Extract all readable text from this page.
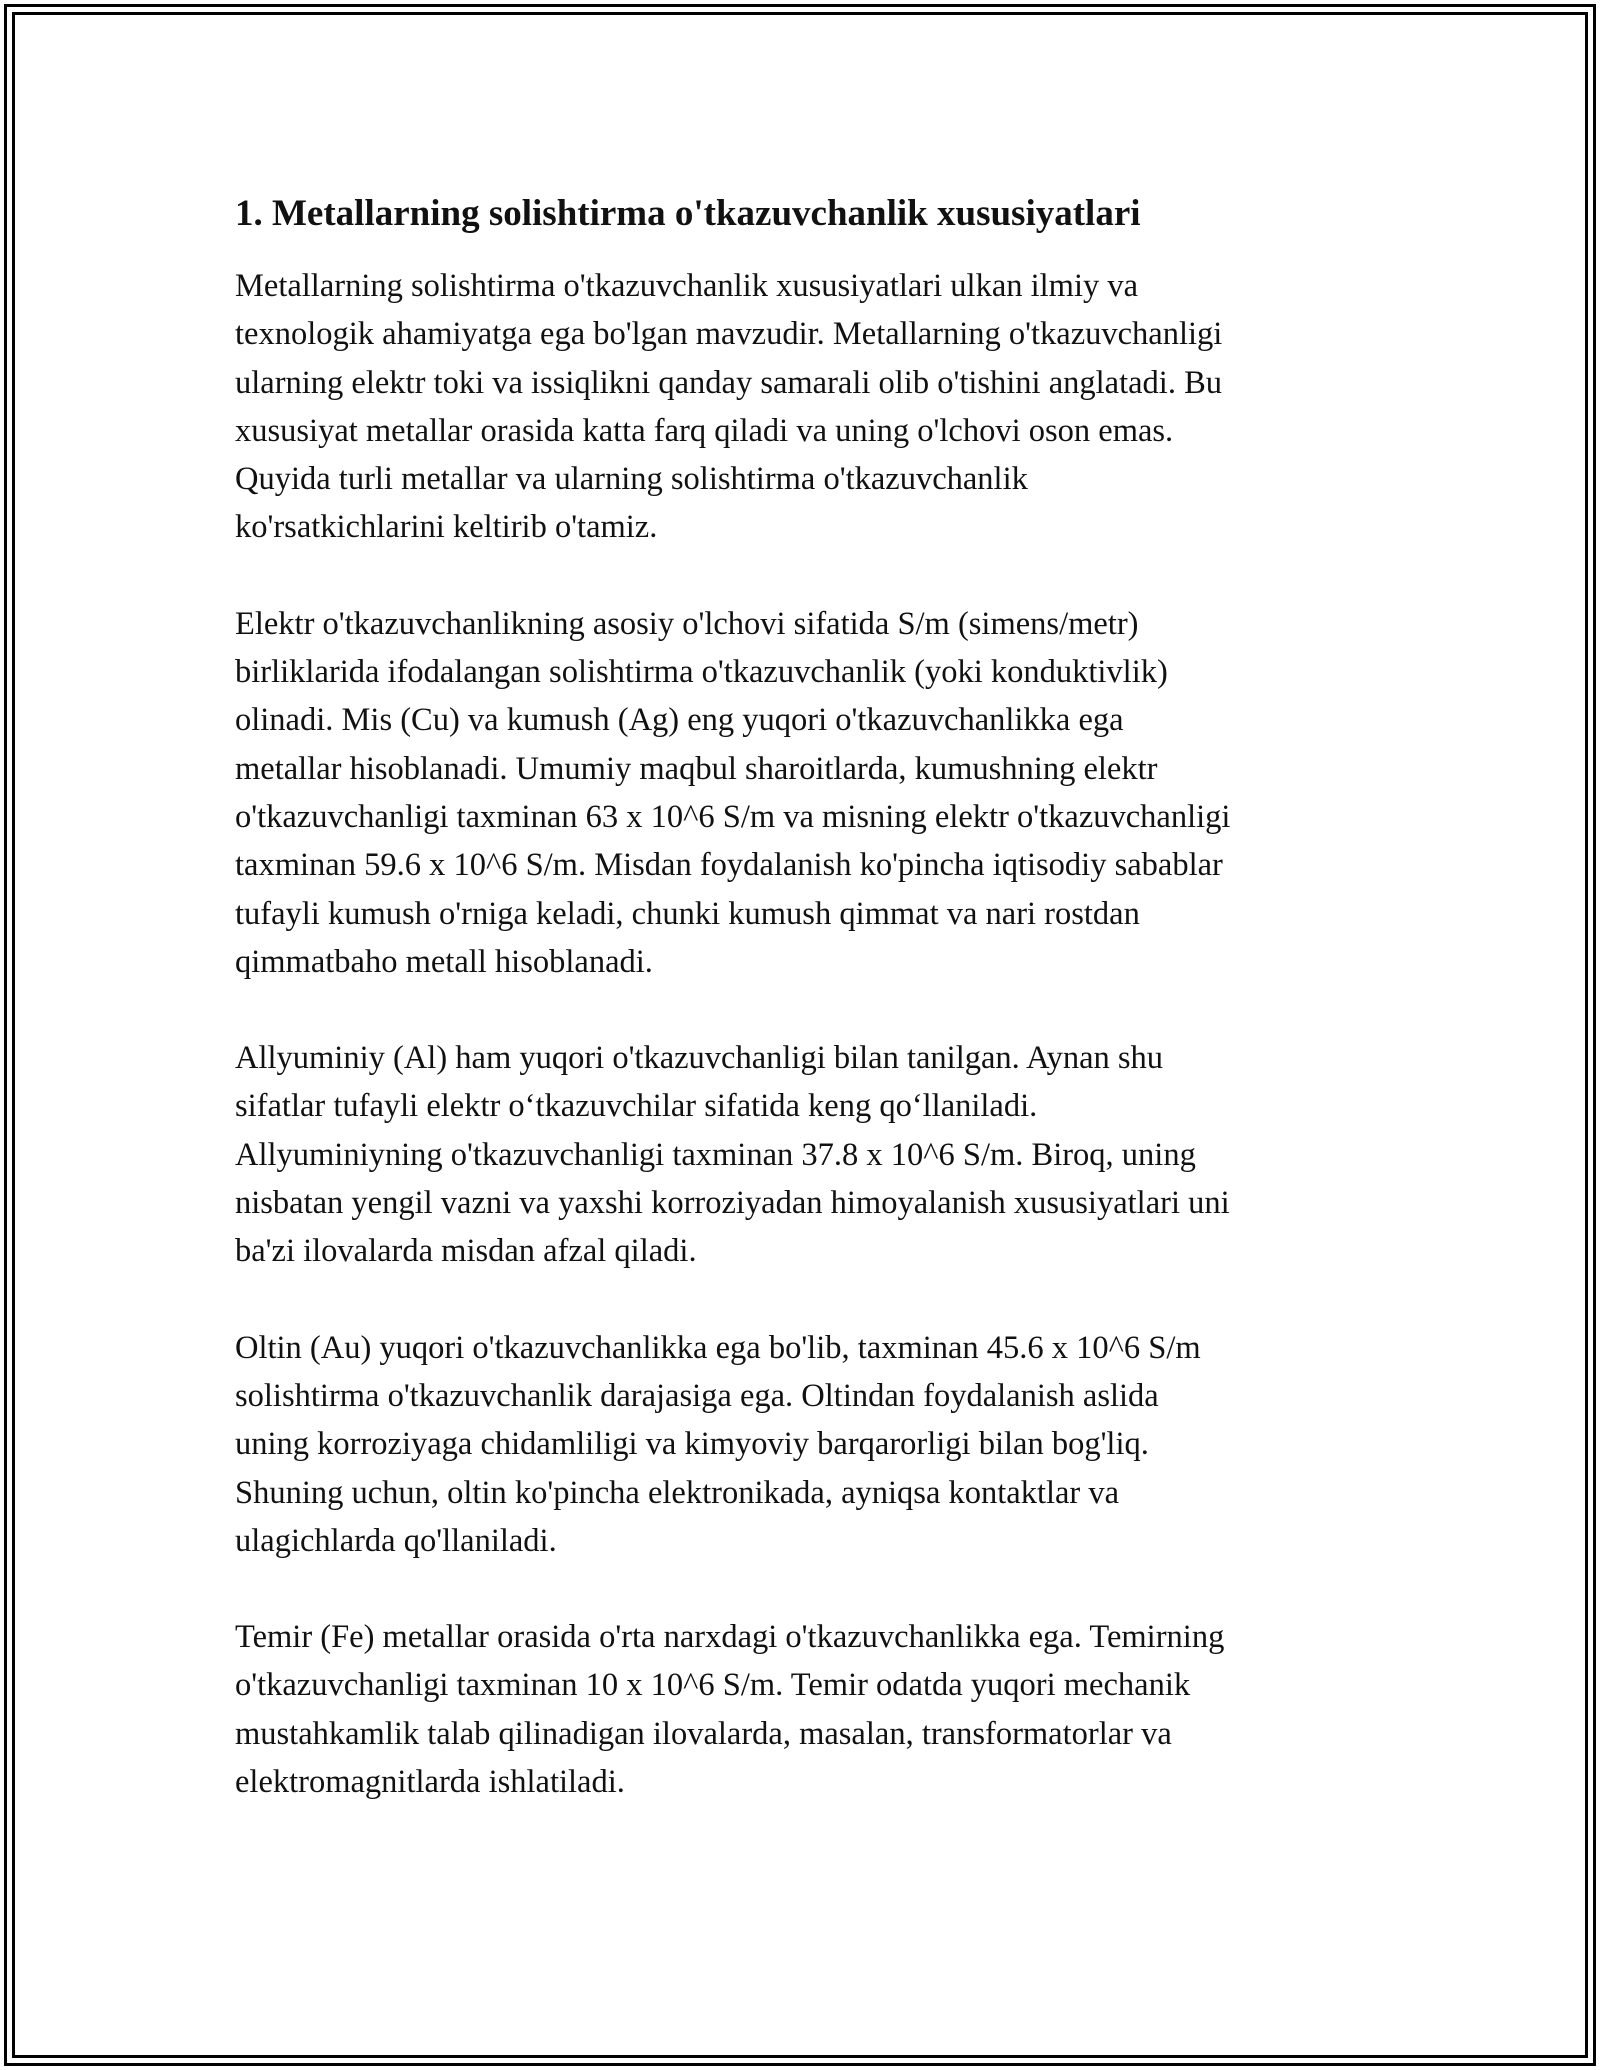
1. Metallarning solishtirma o'tkazuvchanlik xususiyatlari

Metallarning solishtirma o'tkazuvchanlik xususiyatlari ulkan ilmiy va
texnologik ahamiyatga ega bo'lgan mavzudir. Metallarning o'tkazuvchanligi
ularning elektr toki va issiqlikni qanday samarali olib o'tishini anglatadi. Bu
xususiyat metallar orasida katta farq qiladi va uning o'lchovi oson emas.
Quyida turli metallar va ularning solishtirma o'tkazuvchanlik
ko'rsatkichlarini keltirib o'tamiz.

Elektr o'tkazuvchanlikning asosiy o'lchovi sifatida S/m (simens/metr)
birliklarida ifodalangan solishtirma o'tkazuvchanlik (yoki konduktivlik)
olinadi. Mis (Cu) va kumush (Ag) eng yuqori o'tkazuvchanlikka ega
metallar hisoblanadi. Umumiy maqbul sharoitlarda, kumushning elektr
o'tkazuvchanligi taxminan 63 x 10^6 S/m va misning elektr o'tkazuvchanligi
taxminan 59.6 x 10^6 S/m. Misdan foydalanish ko'pincha iqtisodiy sabablar
tufayli kumush o'rniga keladi, chunki kumush qimmat va nari rostdan
qimmatbaho metall hisoblanadi.

Allyuminiy (Al) ham yuqori o'tkazuvchanligi bilan tanilgan. Aynan shu
sifatlar tufayli elektr o‘tkazuvchilar sifatida keng qo‘llaniladi.
Allyuminiyning o'tkazuvchanligi taxminan 37.8 x 10^6 S/m. Biroq, uning
nisbatan yengil vazni va yaxshi korroziyadan himoyalanish xususiyatlari uni
ba'zi ilovalarda misdan afzal qiladi.

Oltin (Au) yuqori o'tkazuvchanlikka ega bo'lib, taxminan 45.6 x 10^6 S/m
solishtirma o'tkazuvchanlik darajasiga ega. Oltindan foydalanish aslida
uning korroziyaga chidamliligi va kimyoviy barqarorligi bilan bog'liq.
Shuning uchun, oltin ko'pincha elektronikada, ayniqsa kontaktlar va
ulagichlarda qo'llaniladi.

Temir (Fe) metallar orasida o'rta narxdagi o'tkazuvchanlikka ega. Temirning
o'tkazuvchanligi taxminan 10 x 10^6 S/m. Temir odatda yuqori mechanik
mustahkamlik talab qilinadigan ilovalarda, masalan, transformatorlar va
elektromagnitlarda ishlatiladi.
